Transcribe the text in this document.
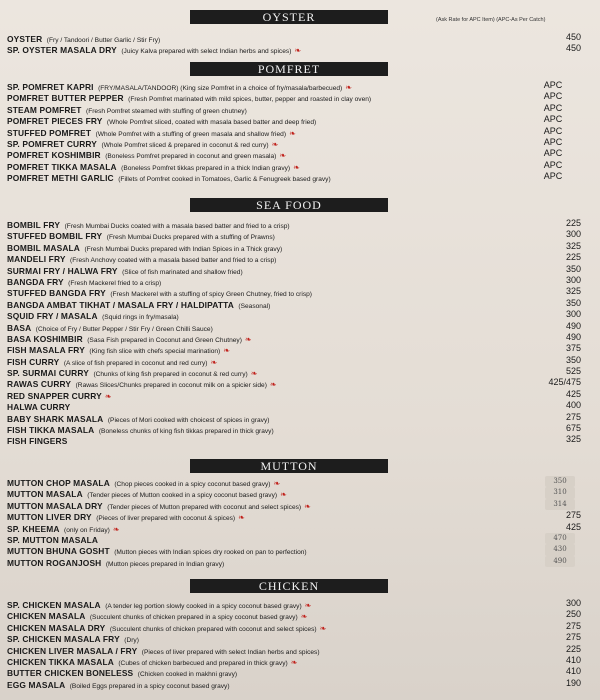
OYSTER	(Ask Rate for APC Item) (APC-As Per Catch)
OYSTER (Fry / Tandoori / Butter Garlic / Stir Fry)	450
SP. OYSTER MASALA DRY (Juicy Kalva prepared with select Indian herbs and spices) ❧	450
POMFRET
SP. POMFRET KAPRI (FRY/MASALA/TANDOOR) (King size Pomfret in a choice of fry/masala/barbecued) ❧	APC
POMFRET BUTTER PEPPER (Fresh Pomfret marinated with mild spices, butter, pepper and roasted in clay oven)	APC
STEAM POMFRET (Fresh Pomfret steamed with stuffing of green chutney)	APC
POMFRET PIECES FRY (Whole Pomfret sliced, coated with masala based batter and deep fried)	APC
STUFFED POMFRET (Whole Pomfret with a stuffing of green masala and shallow fried) ❧	APC
SP. POMFRET CURRY (Whole Pomfret sliced & prepared in coconut & red curry) ❧	APC
POMFRET KOSHIMBIR (Boneless Pomfret prepared in coconut and green masala) ❧	APC
POMFRET TIKKA MASALA (Boneless Pomfret tikkas prepared in a thick Indian gravy) ❧	APC
POMFRET METHI GARLIC (Fillets of Pomfret cooked in Tomatoes, Garlic & Fenugreek based gravy)	APC
SEA FOOD
BOMBIL FRY (Fresh Mumbai Ducks coated with a masala based batter and fried to a crisp)	225
STUFFED BOMBIL FRY (Fresh Mumbai Ducks prepared with a stuffing of Prawns)	300
BOMBIL MASALA (Fresh Mumbai Ducks prepared with Indian Spices in a Thick gravy)	325
MANDELI FRY (Fresh Anchovy coated with a masala based batter and fried to a crisp)	225
SURMAI FRY / HALWA FRY (Slice of fish marinated and shallow fried)	350
BANGDA FRY (Fresh Mackerel fried to a crisp)	300
STUFFED BANGDA FRY (Fresh Mackerel with a stuffing of spicy Green Chutney, fried to crisp)	325
BANGDA AMBAT TIKHAT / MASALA FRY / HALDIPATTA (Seasonal)	350
SQUID FRY / MASALA (Squid rings in fry/masala)	300
BASA (Choice of Fry / Butter Pepper / Stir Fry / Green Chilli Sauce)	490
BASA KOSHIMBIR (Sasa Fish prepared in Coconut and Green Chutney) ❧	490
FISH MASALA FRY (King fish slice with chefs special marination) ❧	375
FISH CURRY (A slice of fish prepared in coconut and red curry) ❧	350
SP. SURMAI CURRY (Chunks of king fish prepared in coconut & red curry) ❧	525
RAWAS CURRY (Rawas Slices/Chunks prepared in coconut milk on a spicier side) ❧	425/475
RED SNAPPER CURRY ❧	425
HALWA CURRY	400
BABY SHARK MASALA (Pieces of Mori cooked with choicest of spices in gravy)	275
FISH TIKKA MASALA (Boneless chunks of king fish tikkas prepared in thick gravy)	675
FISH FINGERS	325
MUTTON
MUTTON CHOP MASALA (Chop pieces cooked in a spicy coconut based gravy) ❧	350
MUTTON MASALA (Tender pieces of Mutton cooked in a spicy coconut based gravy) ❧	310
MUTTON MASALA DRY (Tender pieces of Mutton prepared with coconut and select spices) ❧	314
MUTTON LIVER DRY (Pieces of liver prepared with coconut & spices) ❧	275
SP. KHEEMA (only on Friday) ❧	425
SP. MUTTON MASALA	470
MUTTON BHUNA GOSHT (Mutton pieces with Indian spices dry rooked on pan to perfection)	430
MUTTON ROGANJOSH (Mutton pieces prepared in Indian gravy)	490
CHICKEN
SP. CHICKEN MASALA (A tender leg portion slowly cooked in a spicy coconut based gravy) ❧	300
CHICKEN MASALA (Succulent chunks of chicken prepared in a spicy coconut based gravy) ❧	250
CHICKEN MASALA DRY (Succulent chunks of chicken prepared with coconut and select spices) ❧	275
SP. CHICKEN MASALA FRY (Dry)	275
CHICKEN LIVER MASALA / FRY (Pieces of liver prepared with select Indian herbs and spices)	225
CHICKEN TIKKA MASALA (Cubes of chicken barbecued and prepared in thick gravy) ❧	410
BUTTER CHICKEN BONELESS (Chicken cooked in makhni gravy)	410
EGG MASALA (Boiled Eggs prepared in a spicy coconut based gravy)	190
